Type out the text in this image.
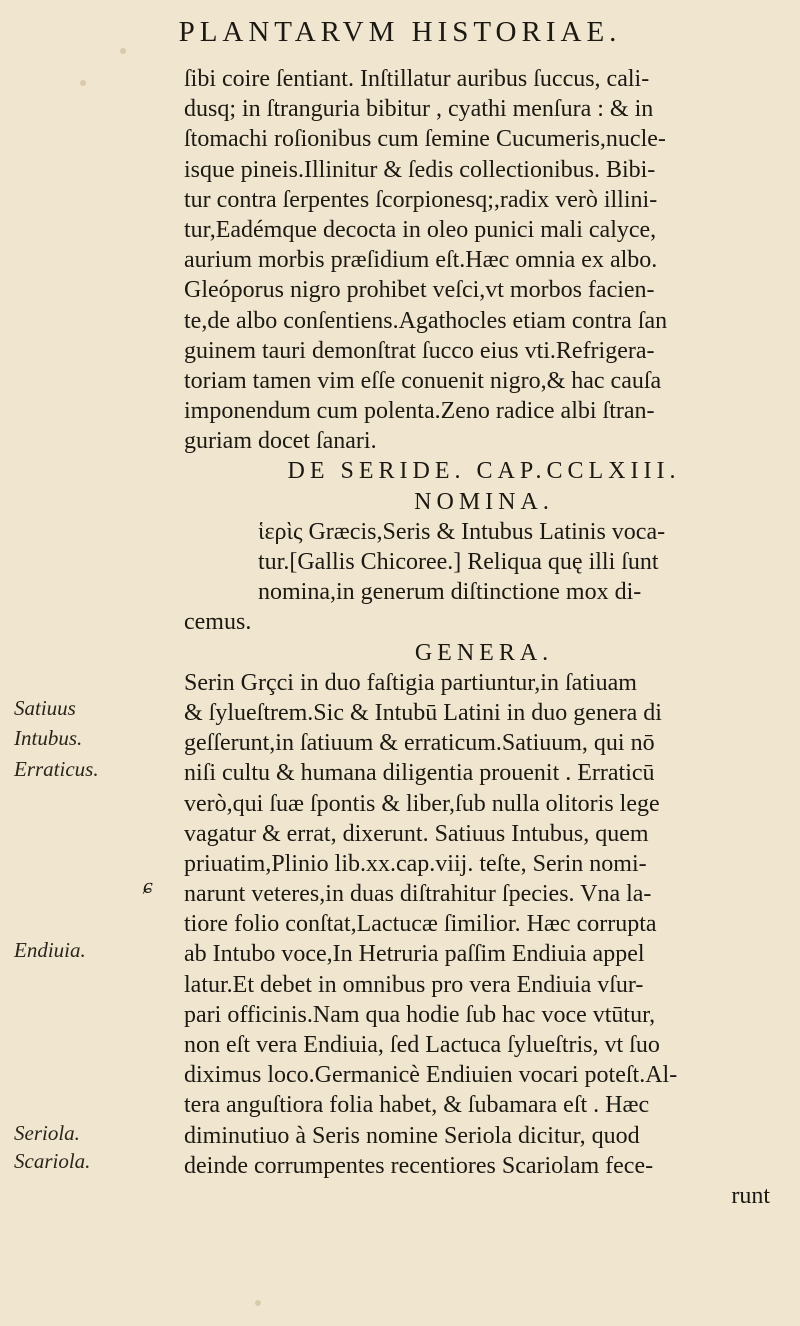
PLANTARVM HISTORIAE.
ſibi coire ſentiant. Inſtillatur auribus ſuccus, cali-
dusq; in ſtranguria bibitur , cyathi menſura : & in
ſtomachi roſionibus cum ſemine Cucumeris,nucle-
isque pineis.Illinitur & ſedis collectionibus. Bibi-
tur contra ſerpentes ſcorpionesq;,radix verò illini-
tur,Eadémque decocta in oleo punici mali calyce,
aurium morbis præſidium eſt.Hæc omnia ex albo.
Gleóporus nigro prohibet veſci,vt morbos facien-
te,de albo conſentiens.Agathocles etiam contra ſan
guinem tauri demonſtrat ſucco eius vti.Refrigera-
toriam tamen vim eſſe conuenit nigro,& hac cauſa
imponendum cum polenta.Zeno radice albi ſtran-
guriam docet ſanari.
DE SERIDE. CAP.CCLXIII.
NOMINA.
ἱερὶς Græcis,Seris & Intubus Latinis voca-
tur.[Gallis Chicoree.] Reliqua quę illi ſunt
nomina,in generum diſtinctione mox di-
cemus.
GENERA.
Serin Grçci in duo faſtigia partiuntur,in ſatiuam
& ſylueſtrem.Sic & Intubū Latini in duo genera di
geſſerunt,in ſatiuum & erraticum.Satiuum, qui nō
niſi cultu & humana diligentia prouenit . Erraticū
verò,qui ſuæ ſpontis & liber,ſub nulla olitoris lege
vagatur & errat, dixerunt. Satiuus Intubus, quem
priuatim,Plinio lib.xx.cap.viij. teſte, Serin nomi-
narunt veteres,in duas diſtrahitur ſpecies. Vna la-
tiore folio conſtat,Lactucæ ſimilior. Hæc corrupta
ab Intubo voce,In Hetruria paſſim Endiuia appel
latur.Et debet in omnibus pro vera Endiuia vſur-
pari officinis.Nam qua hodie ſub hac voce vtūtur,
non eſt vera Endiuia, ſed Lactuca ſylueſtris, vt ſuo
diximus loco.Germanicè Endiuien vocari poteſt.Al-
tera anguſtiora folia habet, & ſubamara eſt . Hæc
diminutiuo à Seris nomine Seriola dicitur, quod
deinde corrumpentes recentiores Scariolam fece-
runt
ɕ
Satiuus
Intubus.
Erraticus.
Endiuia.
Seriola.
Scariola.
